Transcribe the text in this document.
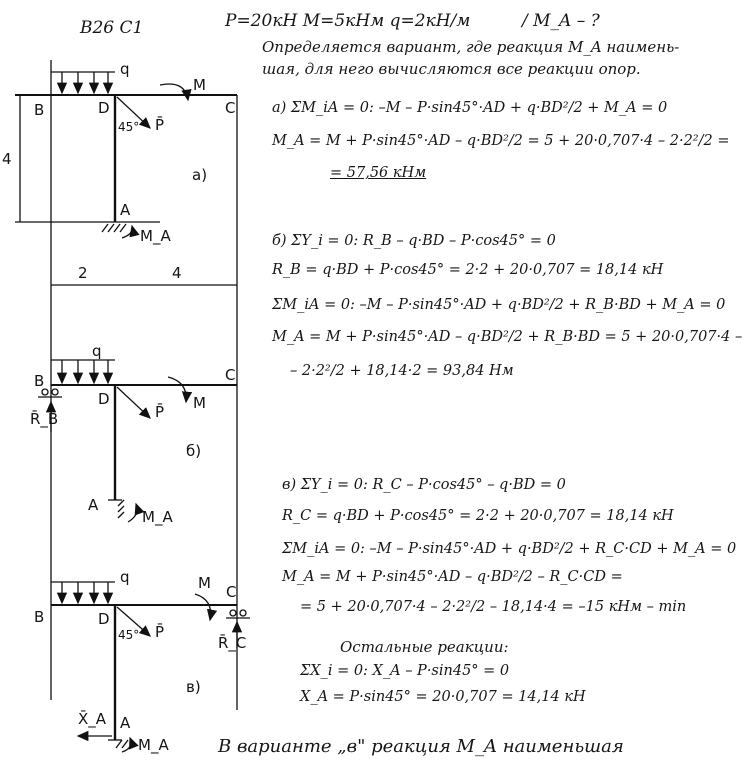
В26 С1	P=20кН M=5кНм q=2кН/м	/ M_A – ?
Определяется вариант, где реакция M_A наимень-
шая, для него вычисляются все реакции опор.
B	D	C
q
M
45° P̄
4
а)
A
M_A
2	4
B
D
C
q
M
P̄
R̄_B
б)
A
M_A
B	D
C
q	M
45° P̄
R̄_C
в)
X̄_A A
M_A
а) ΣM_iA = 0: –M – P·sin45°·AD + q·BD²/2 + M_A = 0
M_A = M + P·sin45°·AD – q·BD²/2 = 5 + 20·0,707·4 – 2·2²/2 =
= 57,56 кНм
б) ΣY_i = 0: R_B – q·BD – P·cos45° = 0
R_B = q·BD + P·cos45° = 2·2 + 20·0,707 = 18,14 кН
ΣM_iA = 0: –M – P·sin45°·AD + q·BD²/2 + R_B·BD + M_A = 0
M_A = M + P·sin45°·AD – q·BD²/2 + R_B·BD = 5 + 20·0,707·4 –
– 2·2²/2 + 18,14·2 = 93,84 Нм
в) ΣY_i = 0: R_C – P·cos45° – q·BD = 0
R_C = q·BD + P·cos45° = 2·2 + 20·0,707 = 18,14 кН
ΣM_iA = 0: –M – P·sin45°·AD + q·BD²/2 + R_C·CD + M_A = 0
M_A = M + P·sin45°·AD – q·BD²/2 – R_C·CD =
= 5 + 20·0,707·4 – 2·2²/2 – 18,14·4 = –15 кНм – min
Остальные реакции:
ΣX_i = 0: X_A – P·sin45° = 0
X_A = P·sin45° = 20·0,707 = 14,14 кН
В варианте „в" реакция M_A наименьшая
